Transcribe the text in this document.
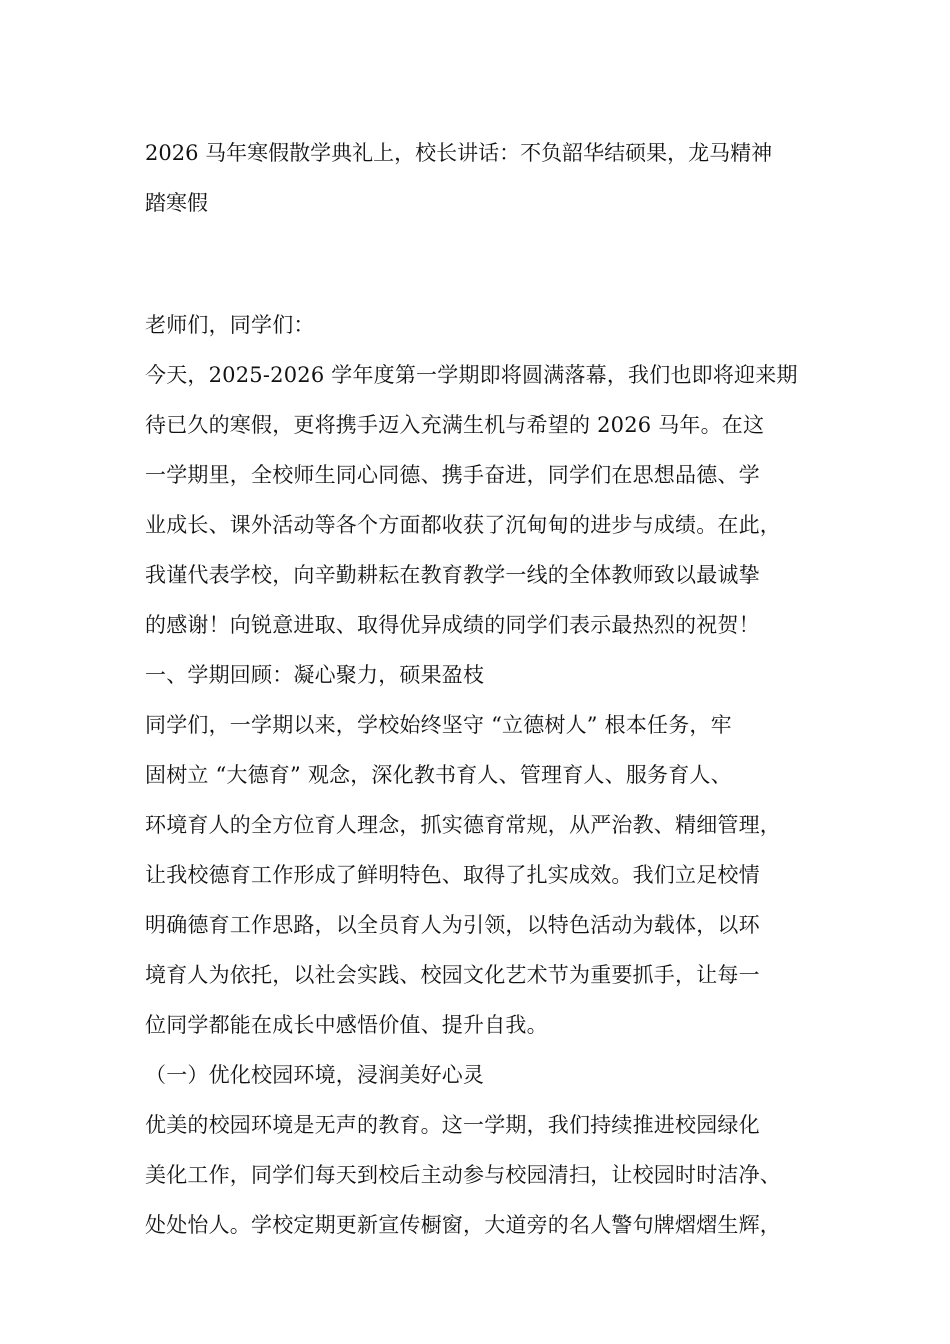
2026 马年寒假散学典礼上，校长讲话：不负韶华结硕果，龙马精神
踏寒假
老师们，同学们：
今天，2025-2026 学年度第一学期即将圆满落幕，我们也即将迎来期
待已久的寒假，更将携手迈入充满生机与希望的 2026 马年。在这
一学期里，全校师生同心同德、携手奋进，同学们在思想品德、学
业成长、课外活动等各个方面都收获了沉甸甸的进步与成绩。在此，
我谨代表学校，向辛勤耕耘在教育教学一线的全体教师致以最诚挚
的感谢！向锐意进取、取得优异成绩的同学们表示最热烈的祝贺！
一、学期回顾：凝心聚力，硕果盈枝
同学们，一学期以来，学校始终坚守 “立德树人” 根本任务，牢
固树立 “大德育” 观念，深化教书育人、管理育人、服务育人、
环境育人的全方位育人理念，抓实德育常规，从严治教、精细管理，
让我校德育工作形成了鲜明特色、取得了扎实成效。我们立足校情
明确德育工作思路，以全员育人为引领，以特色活动为载体，以环
境育人为依托，以社会实践、校园文化艺术节为重要抓手，让每一
位同学都能在成长中感悟价值、提升自我。
（一）优化校园环境，浸润美好心灵
优美的校园环境是无声的教育。这一学期，我们持续推进校园绿化
美化工作，同学们每天到校后主动参与校园清扫，让校园时时洁净、
处处怡人。学校定期更新宣传橱窗，大道旁的名人警句牌熠熠生辉，
